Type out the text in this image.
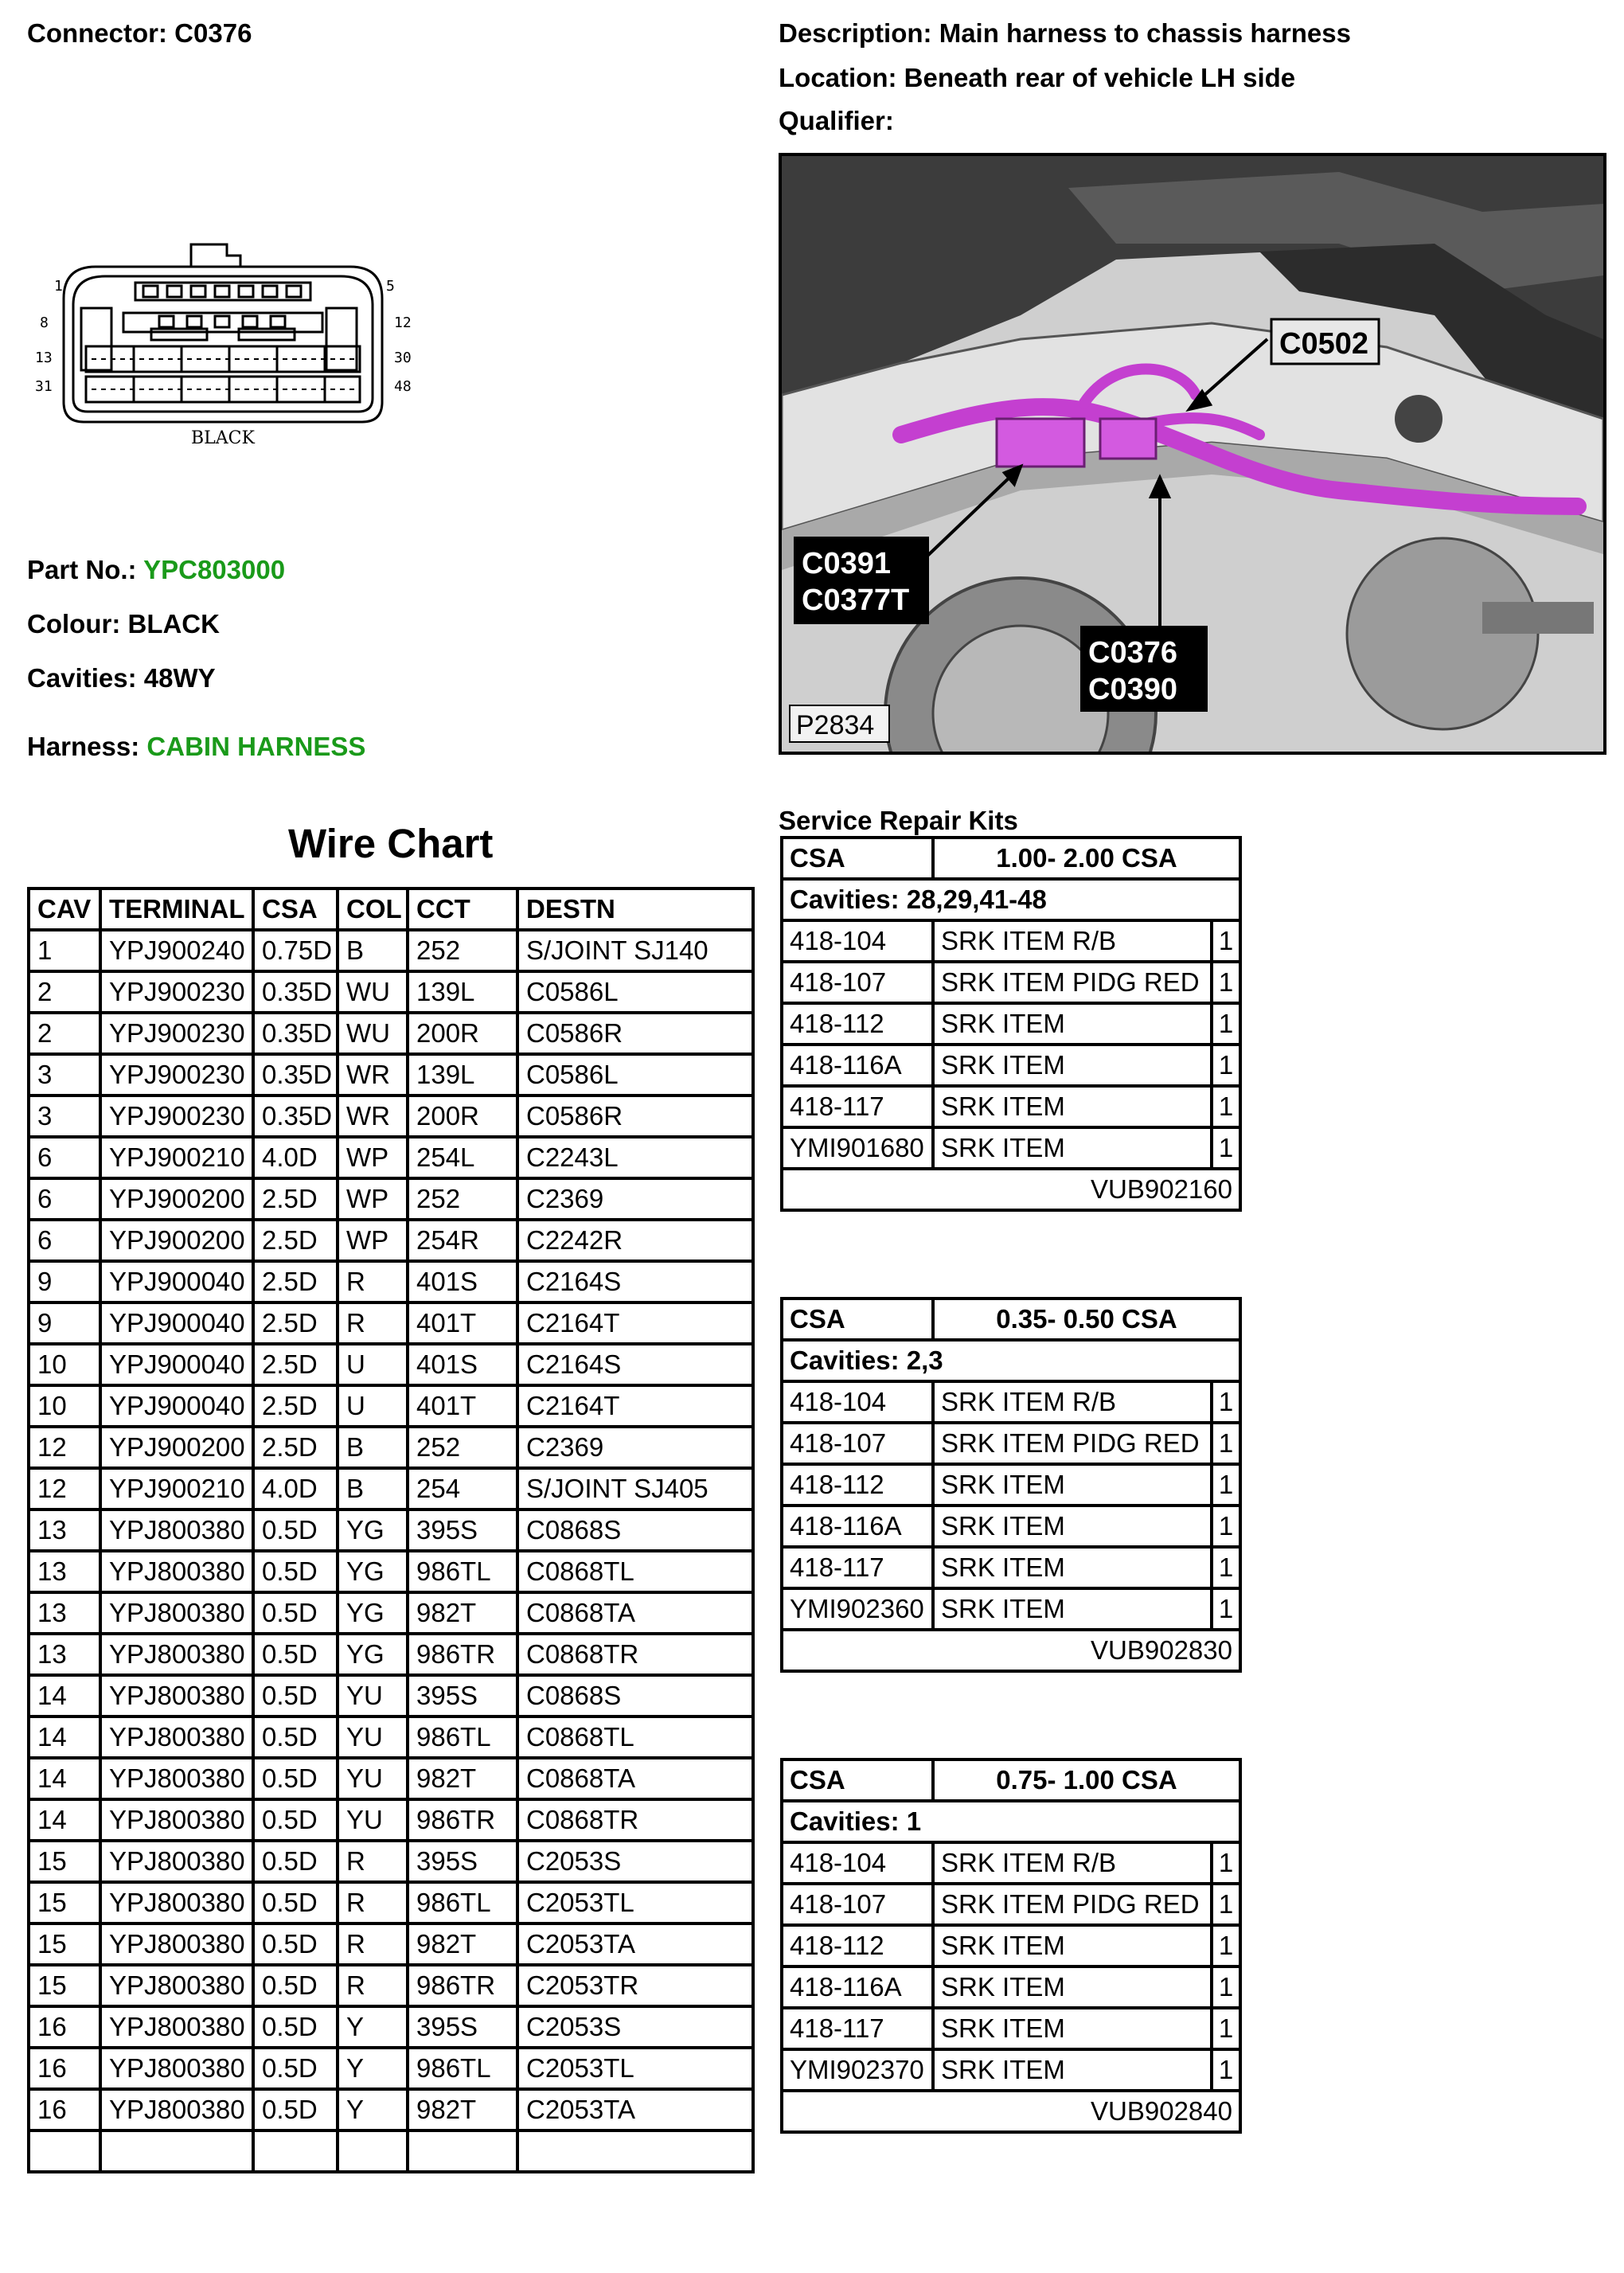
Connector: C0376	Description: Main harness to chassis harness
Location: Beneath rear of vehicle LH side
Qualifier:
1	5
8	12
13	30
31	48
BLACK
Part No.: YPC803000
Colour: BLACK
Cavities: 48WY
Harness: CABIN HARNESS
C0502
C0391
C0377T
C0376
C0390
P2834
Wire Chart
CAV	TERMINAL	CSA	COL	CCT	DESTN
1	YPJ900240	0.75D	B	252	S/JOINT SJ140
2	YPJ900230	0.35D	WU	139L	C0586L
2	YPJ900230	0.35D	WU	200R	C0586R
3	YPJ900230	0.35D	WR	139L	C0586L
3	YPJ900230	0.35D	WR	200R	C0586R
6	YPJ900210	4.0D	WP	254L	C2243L
6	YPJ900200	2.5D	WP	252	C2369
6	YPJ900200	2.5D	WP	254R	C2242R
9	YPJ900040	2.5D	R	401S	C2164S
9	YPJ900040	2.5D	R	401T	C2164T
10	YPJ900040	2.5D	U	401S	C2164S
10	YPJ900040	2.5D	U	401T	C2164T
12	YPJ900200	2.5D	B	252	C2369
12	YPJ900210	4.0D	B	254	S/JOINT SJ405
13	YPJ800380	0.5D	YG	395S	C0868S
13	YPJ800380	0.5D	YG	986TL	C0868TL
13	YPJ800380	0.5D	YG	982T	C0868TA
13	YPJ800380	0.5D	YG	986TR	C0868TR
14	YPJ800380	0.5D	YU	395S	C0868S
14	YPJ800380	0.5D	YU	986TL	C0868TL
14	YPJ800380	0.5D	YU	982T	C0868TA
14	YPJ800380	0.5D	YU	986TR	C0868TR
15	YPJ800380	0.5D	R	395S	C2053S
15	YPJ800380	0.5D	R	986TL	C2053TL
15	YPJ800380	0.5D	R	982T	C2053TA
15	YPJ800380	0.5D	R	986TR	C2053TR
16	YPJ800380	0.5D	Y	395S	C2053S
16	YPJ800380	0.5D	Y	986TL	C2053TL
16	YPJ800380	0.5D	Y	982T	C2053TA

Service Repair Kits
CSA	1.00- 2.00 CSA	
Cavities: 28,29,41-48		
418-104	SRK ITEM R/B	1
418-107	SRK ITEM PIDG RED	1
418-112	SRK ITEM	1
418-116A	SRK ITEM	1
418-117	SRK ITEM	1
YMI901680	SRK ITEM	1
VUB902160		
CSA	0.35- 0.50 CSA	
Cavities: 2,3		
418-104	SRK ITEM R/B	1
418-107	SRK ITEM PIDG RED	1
418-112	SRK ITEM	1
418-116A	SRK ITEM	1
418-117	SRK ITEM	1
YMI902360	SRK ITEM	1
VUB902830		
CSA	0.75- 1.00 CSA	
Cavities: 1		
418-104	SRK ITEM R/B	1
418-107	SRK ITEM PIDG RED	1
418-112	SRK ITEM	1
418-116A	SRK ITEM	1
418-117	SRK ITEM	1
YMI902370	SRK ITEM	1
VUB902840		
